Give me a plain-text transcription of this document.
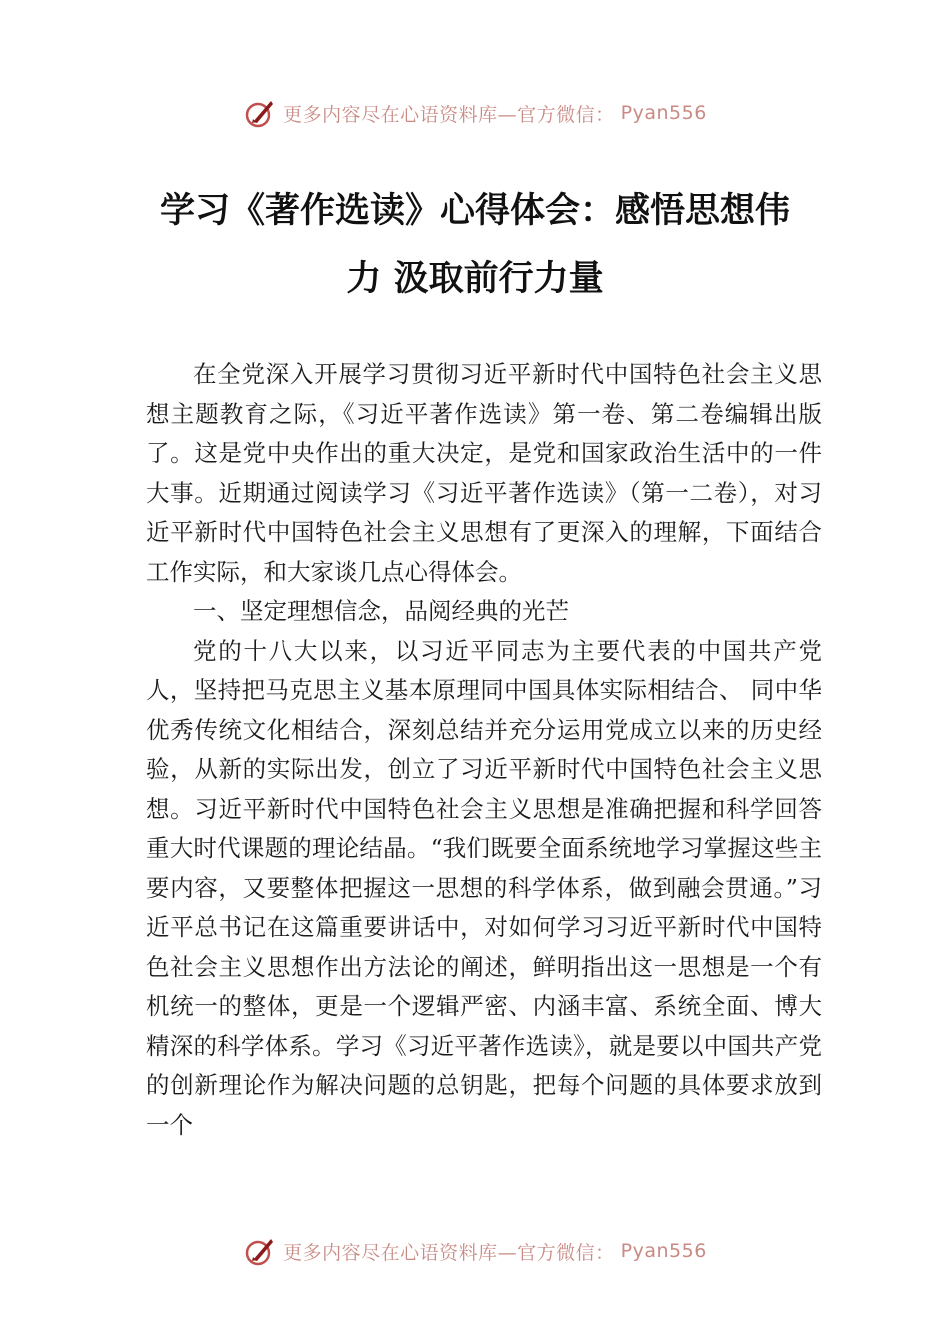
更多内容尽在心语资料库—官方微信： Pyan556
学习《著作选读》心得体会：感悟思想伟
力 汲取前行力量

在全党深入开展学习贯彻习近平新时代中国特色社会主义思想主题教育之际，《习近平著作选读》第一卷、第二卷编辑出版了。这是党中央作出的重大决定，是党和国家政治生活中的一件大事。近期通过阅读学习《习近平著作选读》（第一二卷），对习近平新时代中国特色社会主义思想有了更深入的理解，下面结合工作实际，和大家谈几点心得体会。

一、坚定理想信念，品阅经典的光芒

党的十八大以来，以习近平同志为主要代表的中国共产党人，坚持把马克思主义基本原理同中国具体实际相结合、 同中华优秀传统文化相结合，深刻总结并充分运用党成立以来的历史经验，从新的实际出发，创立了习近平新时代中国特色社会主义思想。习近平新时代中国特色社会主义思想是准确把握和科学回答重大时代课题的理论结晶。“我们既要全面系统地学习掌握这些主要内容，又要整体把握这一思想的科学体系，做到融会贯通。”习近平总书记在这篇重要讲话中，对如何学习习近平新时代中国特色社会主义思想作出方法论的阐述，鲜明指出这一思想是一个有机统一的整体，更是一个逻辑严密、内涵丰富、系统全面、博大精深的科学体系。学习《习近平著作选读》，就是要以中国共产党的创新理论作为解决问题的总钥匙，把每个问题的具体要求放到一个

更多内容尽在心语资料库—官方微信： Pyan556
